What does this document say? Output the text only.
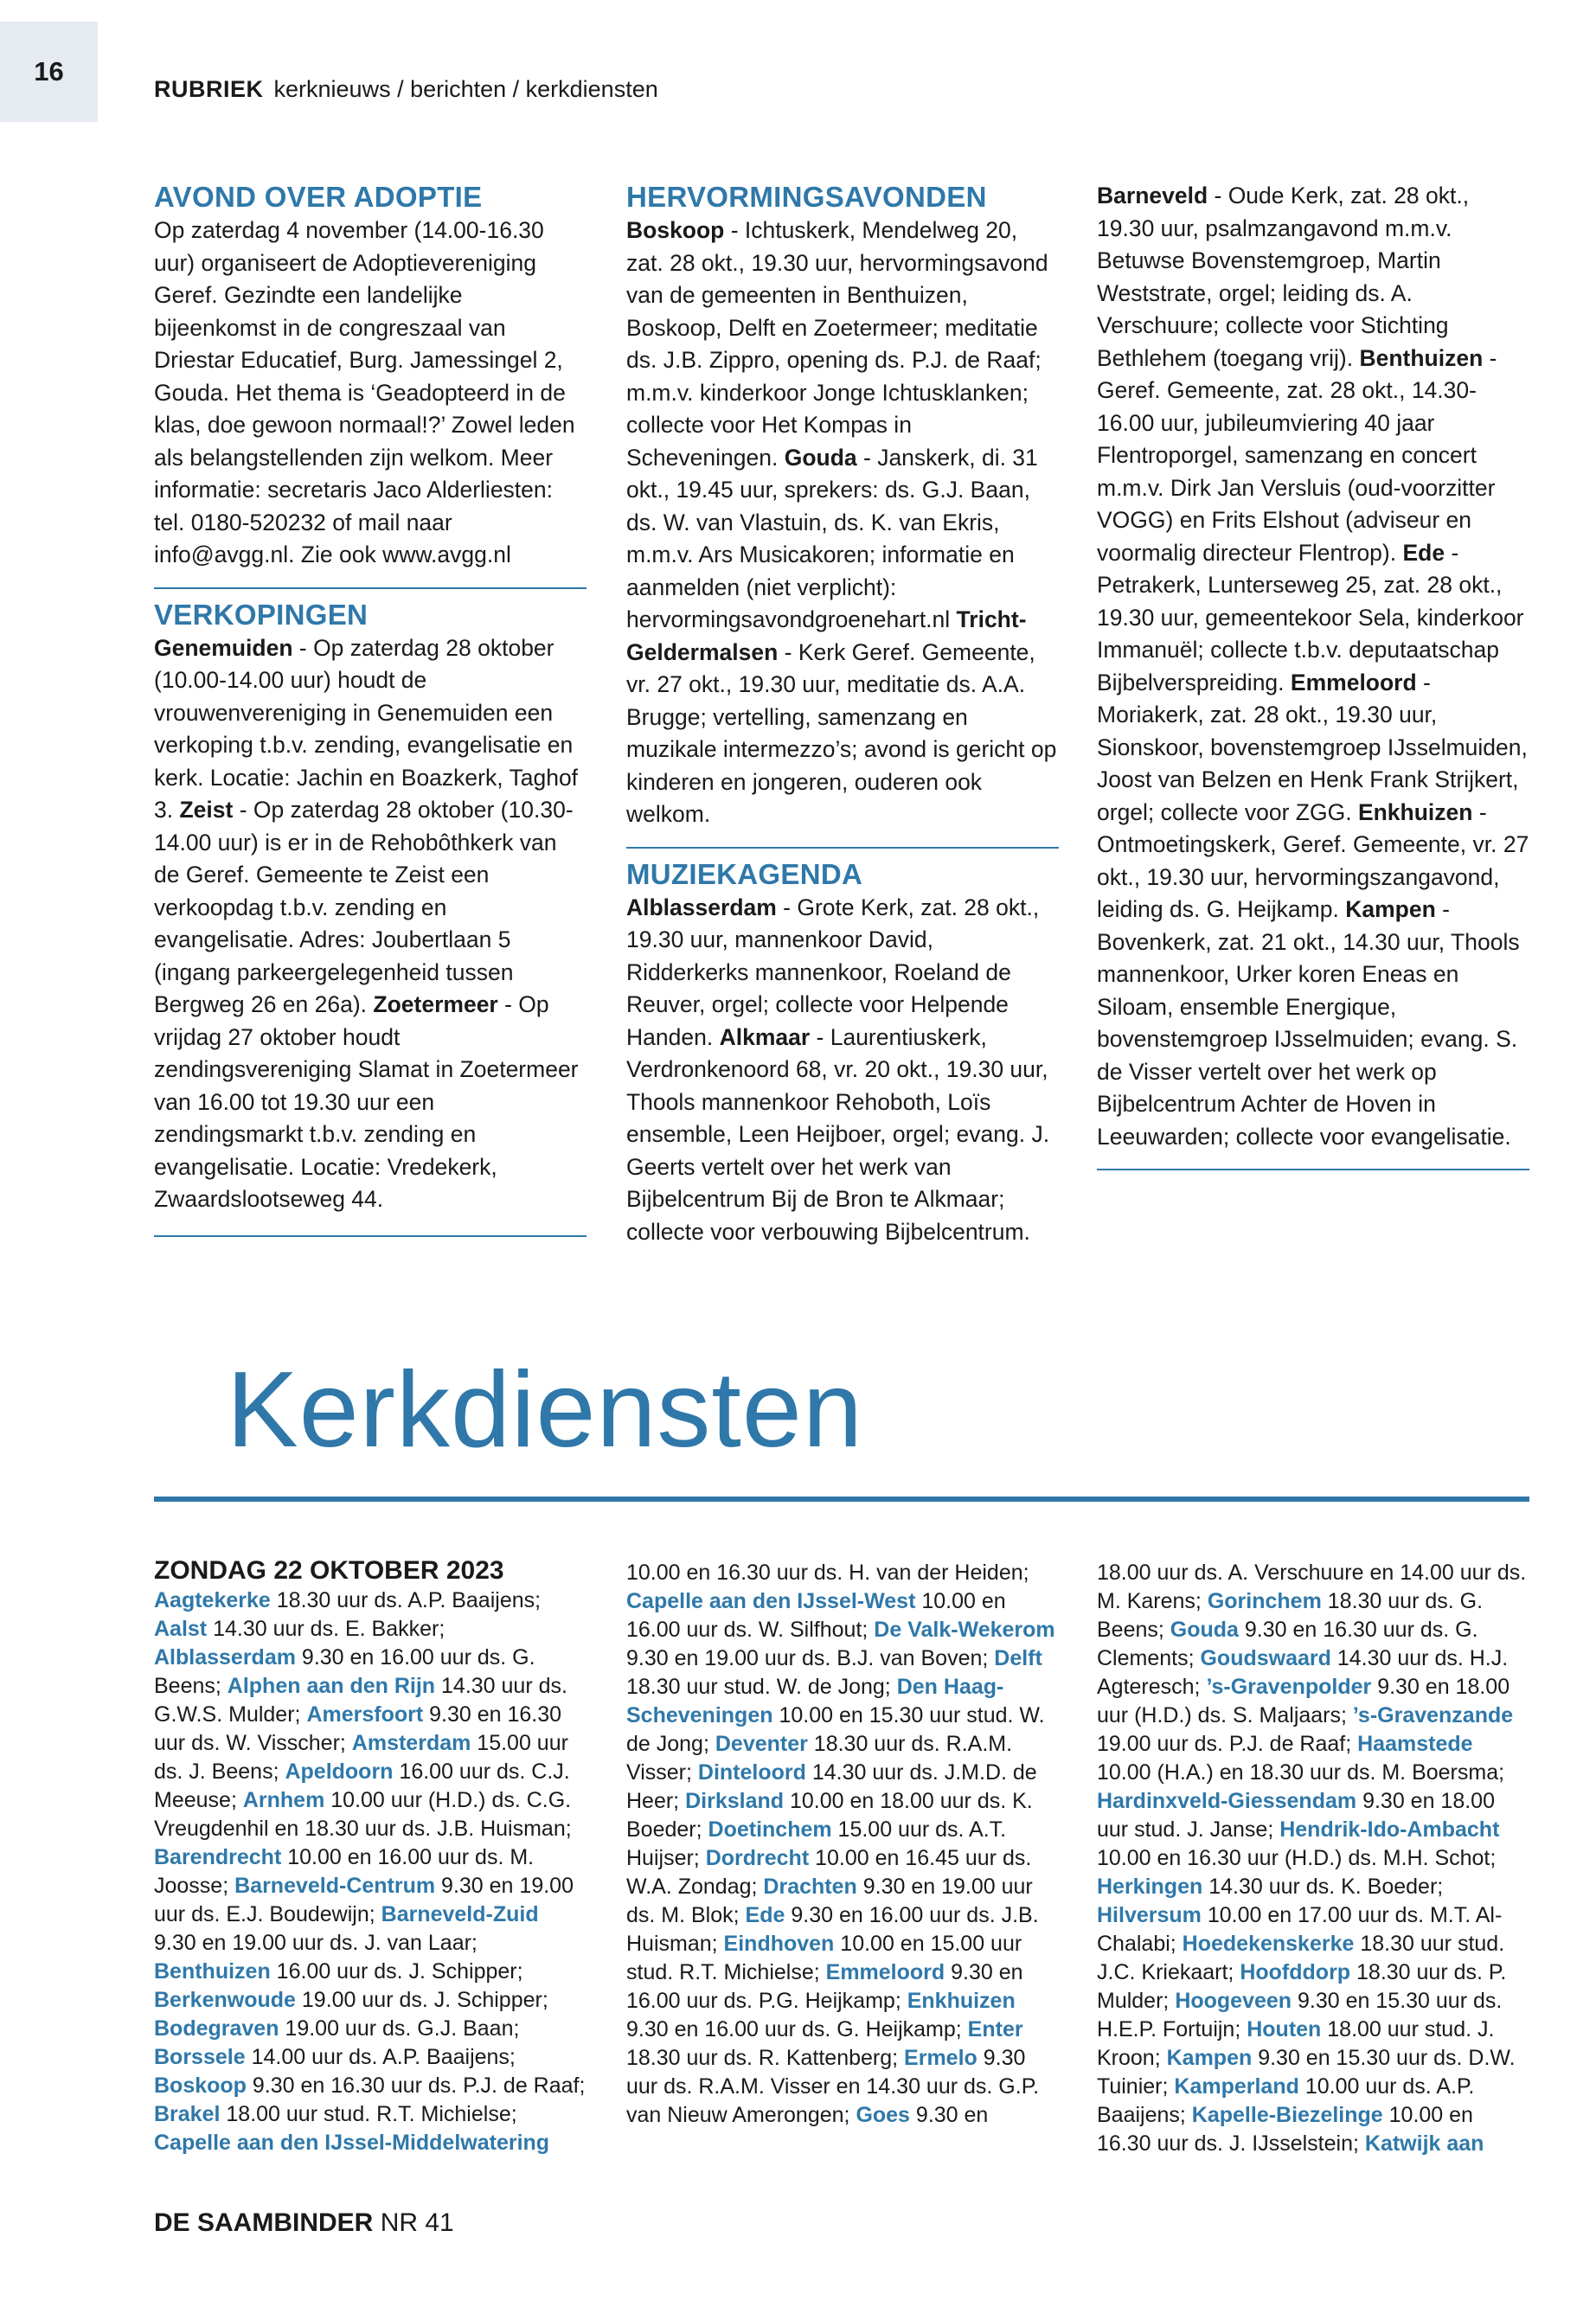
16
RUBRIEK kerknieuws / berichten / kerkdiensten
AVOND OVER ADOPTIE

Op zaterdag 4 november (14.00-16.30 uur) organiseert de Adoptievereniging Geref. Gezindte een landelijke bijeenkomst in de congreszaal van Driestar Educatief, Burg. Jamessingel 2, Gouda. Het thema is ‘Geadopteerd in de klas, doe gewoon normaal!?’ Zowel leden als belangstellenden zijn welkom. Meer informatie: secretaris Jaco Alderliesten: tel. 0180-520232 of mail naar info@avgg.nl. Zie ook www.avgg.nl

VERKOPINGEN

Genemuiden - Op zaterdag 28 oktober (10.00-14.00 uur) houdt de vrouwenvereniging in Genemuiden een verkoping t.b.v. zending, evangelisatie en kerk. Locatie: Jachin en Boazkerk, Taghof 3. Zeist - Op zaterdag 28 oktober (10.30-14.00 uur) is er in de Rehobôthkerk van de Geref. Gemeente te Zeist een verkoopdag t.b.v. zending en evangelisatie. Adres: Joubertlaan 5 (ingang parkeergelegenheid tussen Bergweg 26 en 26a). Zoetermeer - Op vrijdag 27 oktober houdt zendingsvereniging Slamat in Zoetermeer van 16.00 tot 19.30 uur een zendingsmarkt t.b.v. zending en evangelisatie. Locatie: Vredekerk, Zwaardslootseweg 44.

HERVORMINGSAVONDEN

Boskoop - Ichtuskerk, Mendelweg 20, zat. 28 okt., 19.30 uur, hervormingsavond van de gemeenten in Benthuizen, Boskoop, Delft en Zoetermeer; meditatie ds. J.B. Zippro, opening ds. P.J. de Raaf; m.m.v. kinderkoor Jonge Ichtusklanken; collecte voor Het Kompas in Scheveningen. Gouda - Janskerk, di. 31 okt., 19.45 uur, sprekers: ds. G.J. Baan, ds. W. van Vlastuin, ds. K. van Ekris, m.m.v. Ars Musicakoren; informatie en aanmelden (niet verplicht): hervormingsavondgroenehart.nl Tricht-Geldermalsen - Kerk Geref. Gemeente, vr. 27 okt., 19.30 uur, meditatie ds. A.A. Brugge; vertelling, samenzang en muzikale intermezzo’s; avond is gericht op kinderen en jongeren, ouderen ook welkom.

MUZIEKAGENDA

Alblasserdam - Grote Kerk, zat. 28 okt., 19.30 uur, mannenkoor David, Ridderkerks mannenkoor, Roeland de Reuver, orgel; collecte voor Helpende Handen. Alkmaar - Laurentiuskerk, Verdronkenoord 68, vr. 20 okt., 19.30 uur, Thools mannenkoor Rehoboth, Loïs ensemble, Leen Heijboer, orgel; evang. J. Geerts vertelt over het werk van Bijbelcentrum Bij de Bron te Alkmaar; collecte voor verbouwing Bijbelcentrum.

Barneveld - Oude Kerk, zat. 28 okt., 19.30 uur, psalmzangavond m.m.v. Betuwse Bovenstemgroep, Martin Weststrate, orgel; leiding ds. A. Verschuure; collecte voor Stichting Bethlehem (toegang vrij). Benthuizen - Geref. Gemeente, zat. 28 okt., 14.30-16.00 uur, jubileumviering 40 jaar Flentroporgel, samenzang en concert m.m.v. Dirk Jan Versluis (oud-voorzitter VOGG) en Frits Elshout (adviseur en voormalig directeur Flentrop). Ede - Petrakerk, Lunterseweg 25, zat. 28 okt., 19.30 uur, gemeentekoor Sela, kinderkoor Immanuël; collecte t.b.v. deputaatschap Bijbelverspreiding. Emmeloord - Moriakerk, zat. 28 okt., 19.30 uur, Sionskoor, bovenstemgroep IJsselmuiden, Joost van Belzen en Henk Frank Strijkert, orgel; collecte voor ZGG. Enkhuizen - Ontmoetingskerk, Geref. Gemeente, vr. 27 okt., 19.30 uur, hervormingszangavond, leiding ds. G. Heijkamp. Kampen - Bovenkerk, zat. 21 okt., 14.30 uur, Thools mannenkoor, Urker koren Eneas en Siloam, ensemble Energique, bovenstemgroep IJsselmuiden; evang. S. de Visser vertelt over het werk op Bijbelcentrum Achter de Hoven in Leeuwarden; collecte voor evangelisatie.

Kerkdiensten

ZONDAG 22 OKTOBER 2023

Aagtekerke 18.30 uur ds. A.P. Baaijens; Aalst 14.30 uur ds. E. Bakker; Alblasserdam 9.30 en 16.00 uur ds. G. Beens; Alphen aan den Rijn 14.30 uur ds. G.W.S. Mulder; Amersfoort 9.30 en 16.30 uur ds. W. Visscher; Amsterdam 15.00 uur ds. J. Beens; Apeldoorn 16.00 uur ds. C.J. Meeuse; Arnhem 10.00 uur (H.D.) ds. C.G. Vreugdenhil en 18.30 uur ds. J.B. Huisman; Barendrecht 10.00 en 16.00 uur ds. M. Joosse; Barneveld-Centrum 9.30 en 19.00 uur ds. E.J. Boudewijn; Barneveld-Zuid 9.30 en 19.00 uur ds. J. van Laar; Benthuizen 16.00 uur ds. J. Schipper; Berkenwoude 19.00 uur ds. J. Schipper; Bodegraven 19.00 uur ds. G.J. Baan; Borssele 14.00 uur ds. A.P. Baaijens; Boskoop 9.30 en 16.30 uur ds. P.J. de Raaf; Brakel 18.00 uur stud. R.T. Michielse; Capelle aan den IJssel-Middelwatering

10.00 en 16.30 uur ds. H. van der Heiden; Capelle aan den IJssel-West 10.00 en 16.00 uur ds. W. Silfhout; De Valk-Wekerom 9.30 en 19.00 uur ds. B.J. van Boven; Delft 18.30 uur stud. W. de Jong; Den Haag-Scheveningen 10.00 en 15.30 uur stud. W. de Jong; Deventer 18.30 uur ds. R.A.M. Visser; Dinteloord 14.30 uur ds. J.M.D. de Heer; Dirksland 10.00 en 18.00 uur ds. K. Boeder; Doetinchem 15.00 uur ds. A.T. Huijser; Dordrecht 10.00 en 16.45 uur ds. W.A. Zondag; Drachten 9.30 en 19.00 uur ds. M. Blok; Ede 9.30 en 16.00 uur ds. J.B. Huisman; Eindhoven 10.00 en 15.00 uur stud. R.T. Michielse; Emmeloord 9.30 en 16.00 uur ds. P.G. Heijkamp; Enkhuizen 9.30 en 16.00 uur ds. G. Heijkamp; Enter 18.30 uur ds. R. Kattenberg; Ermelo 9.30 uur ds. R.A.M. Visser en 14.30 uur ds. G.P. van Nieuw Amerongen; Goes 9.30 en

18.00 uur ds. A. Verschuure en 14.00 uur ds. M. Karens; Gorinchem 18.30 uur ds. G. Beens; Gouda 9.30 en 16.30 uur ds. G. Clements; Goudswaard 14.30 uur ds. H.J. Agteresch; ’s-Gravenpolder 9.30 en 18.00 uur (H.D.) ds. S. Maljaars; ’s-Gravenzande 19.00 uur ds. P.J. de Raaf; Haamstede 10.00 (H.A.) en 18.30 uur ds. M. Boersma; Hardinxveld-Giessendam 9.30 en 18.00 uur stud. J. Janse; Hendrik-Ido-Ambacht 10.00 en 16.30 uur (H.D.) ds. M.H. Schot; Herkingen 14.30 uur ds. K. Boeder; Hilversum 10.00 en 17.00 uur ds. M.T. Al-Chalabi; Hoedekenskerke 18.30 uur stud. J.C. Kriekaart; Hoofddorp 18.30 uur ds. P. Mulder; Hoogeveen 9.30 en 15.30 uur ds. H.E.P. Fortuijn; Houten 18.00 uur stud. J. Kroon; Kampen 9.30 en 15.30 uur ds. D.W. Tuinier; Kamperland 10.00 uur ds. A.P. Baaijens; Kapelle-Biezelinge 10.00 en 16.30 uur ds. J. IJsselstein; Katwijk aan

DE SAAMBINDER NR 41
